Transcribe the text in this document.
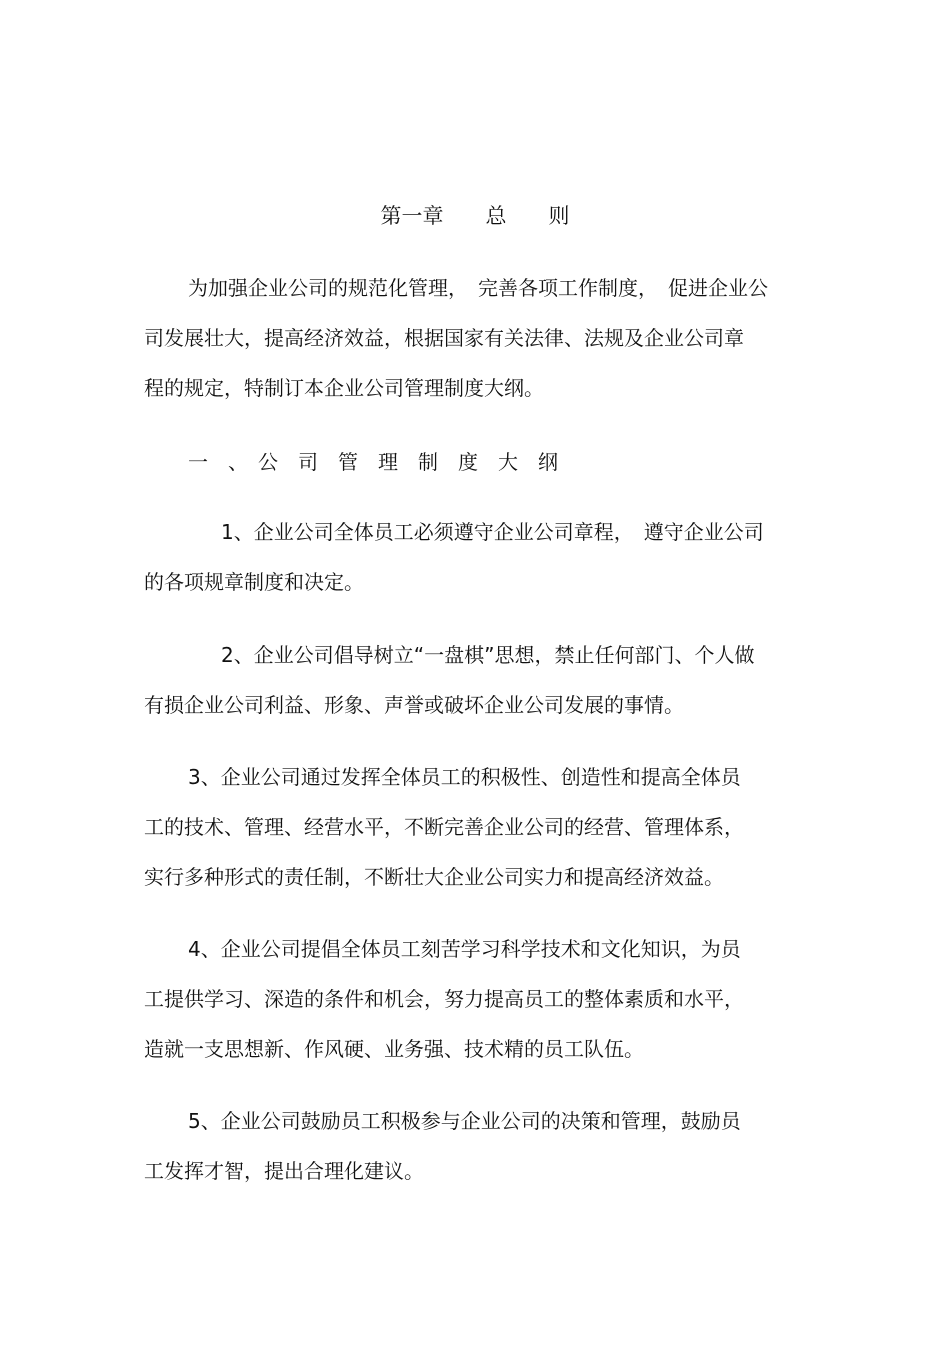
第一章　　总　　则
为加强企业公司的规范化管理，　完善各项工作制度，　促进企业公
司发展壮大，提高经济效益，根据国家有关法律、法规及企业公司章
程的规定，特制订本企业公司管理制度大纲。
一　、　公　司　管　理　制　度　大　纲
1、企业公司全体员工必须遵守企业公司章程，　遵守企业公司
的各项规章制度和决定。
2、企业公司倡导树立“一盘棋”思想，禁止任何部门、个人做
有损企业公司利益、形象、声誉或破坏企业公司发展的事情。
3、企业公司通过发挥全体员工的积极性、创造性和提高全体员
工的技术、管理、经营水平，不断完善企业公司的经营、管理体系，
实行多种形式的责任制，不断壮大企业公司实力和提高经济效益。
4、企业公司提倡全体员工刻苦学习科学技术和文化知识，为员
工提供学习、深造的条件和机会，努力提高员工的整体素质和水平，
造就一支思想新、作风硬、业务强、技术精的员工队伍。
5、企业公司鼓励员工积极参与企业公司的决策和管理，鼓励员
工发挥才智，提出合理化建议。
